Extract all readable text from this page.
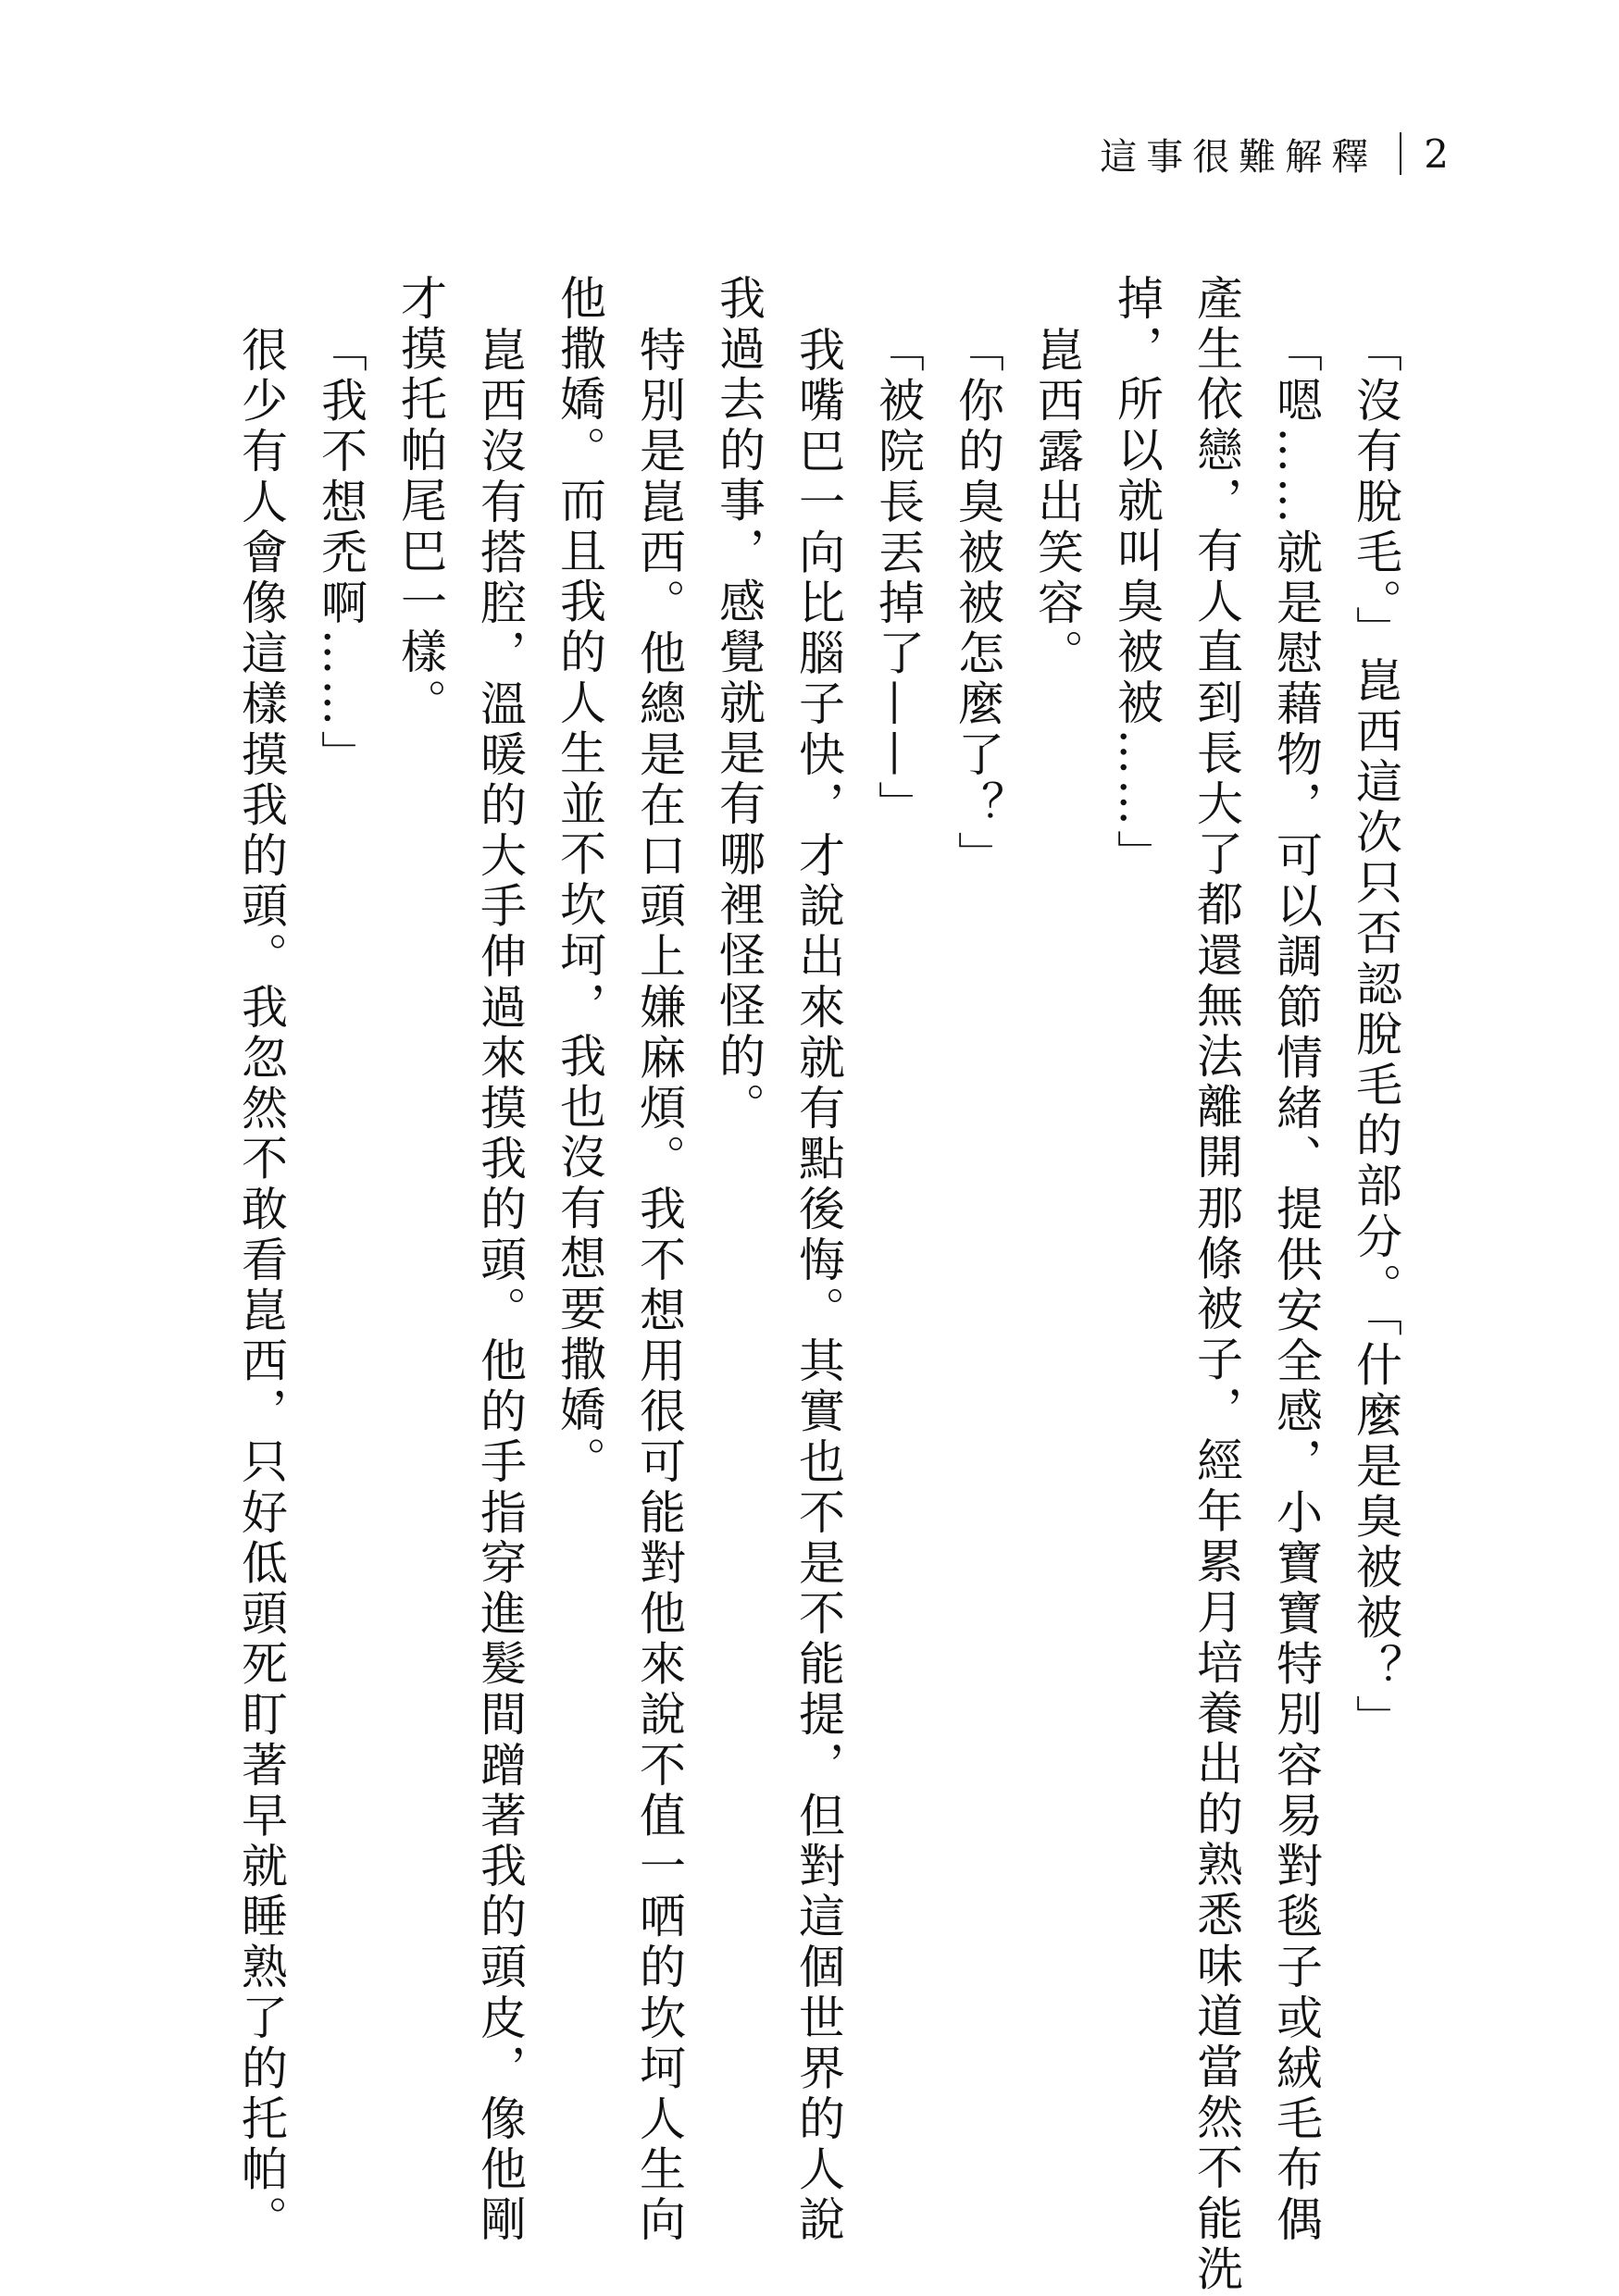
這事很難解釋 2

「沒有脫毛。」崑西這次只否認脫毛的部分。「什麼是臭被被？」

「嗯……就是慰藉物，可以調節情緒、提供安全感，小寶寶特別容易對毯子或絨毛布偶

產生依戀，有人直到長大了都還無法離開那條被子，經年累月培養出的熟悉味道當然不能洗

掉，所以就叫臭被被……」

崑西露出笑容。

「你的臭被被怎麼了？」

「被院長丟掉了——」

我嘴巴一向比腦子快，才說出來就有點後悔。其實也不是不能提，但對這個世界的人說

我過去的事，感覺就是有哪裡怪怪的。

特別是崑西。他總是在口頭上嫌麻煩。我不想用很可能對他來說不值一哂的坎坷人生向

他撒嬌。而且我的人生並不坎坷，我也沒有想要撒嬌。

崑西沒有搭腔，溫暖的大手伸過來摸我的頭。他的手指穿進髮間蹭著我的頭皮，像他剛

才摸托帕尾巴一樣。

「我不想禿啊……」

很少有人會像這樣摸我的頭。我忽然不敢看崑西，只好低頭死盯著早就睡熟了的托帕。
